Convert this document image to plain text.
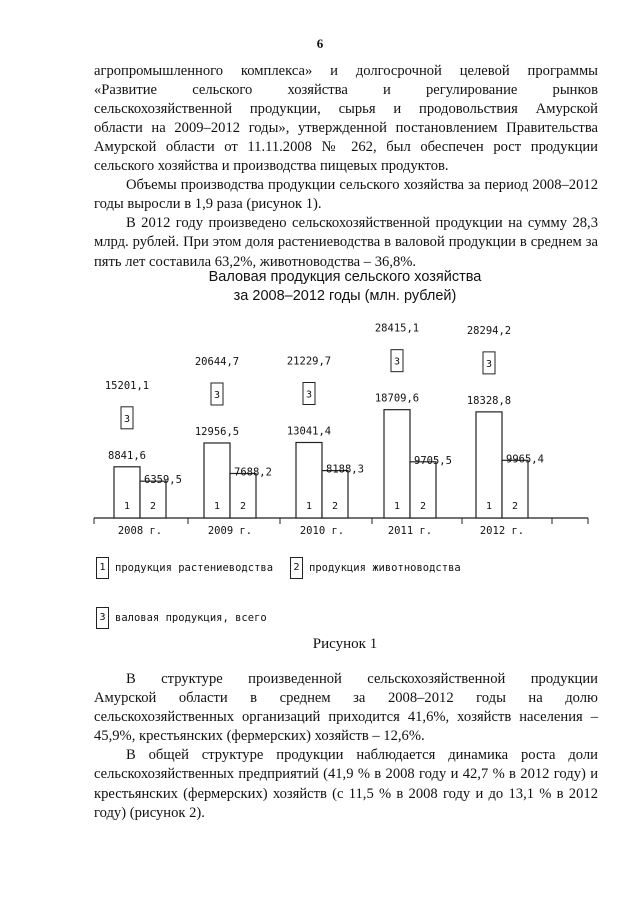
6
агропромышленного комплекса» и долгосрочной целевой программы
«Развитие сельского хозяйства и регулирование рынков
сельскохозяйственной продукции, сырья и продовольствия Амурской
области на 2009–2012 годы», утвержденной постановлением Правительства
Амурской области от 11.11.2008 № 262, был обеспечен рост продукции
сельского хозяйства и производства пищевых продуктов.

Объемы производства продукции сельского хозяйства за период 2008–2012 годы выросли в 1,9 раза (рисунок 1).

В 2012 году произведено сельскохозяйственной продукции на сумму 28,3 млрд. рублей. При этом доля растениеводства в валовой продукции в среднем за пять лет составила 63,2%, животноводства – 36,8%.

Валовая продукция сельского хозяйства
за 2008–2012 годы (млн. рублей)
1 2
8841,6
6359,5
3
15201,1
2008 г.
1 2
12956,5
7688,2
3
20644,7
2009 г.
1 2
13041,4
8188,3
3
21229,7
2010 г.
1 2
18709,6
9705,5
3
28415,1
2011 г.
1 2
18328,8
9965,4
3
28294,2
2012 г.
1 продукция растениеводства	2 продукция животноводства
3 валовая продукция, всего
Рисунок 1
В структуре произведенной сельскохозяйственной продукции
Амурской области в среднем за 2008–2012 годы на долю

сельскохозяйственных организаций приходится 41,6%, хозяйств населения – 45,9%, крестьянских (фермерских) хозяйств – 12,6%.

В общей структуре продукции наблюдается динамика роста доли сельскохозяйственных предприятий (41,9 % в 2008 году и 42,7 % в 2012 году) и крестьянских (фермерских) хозяйств (с 11,5 % в 2008 году и до 13,1 % в 2012 году) (рисунок 2).
